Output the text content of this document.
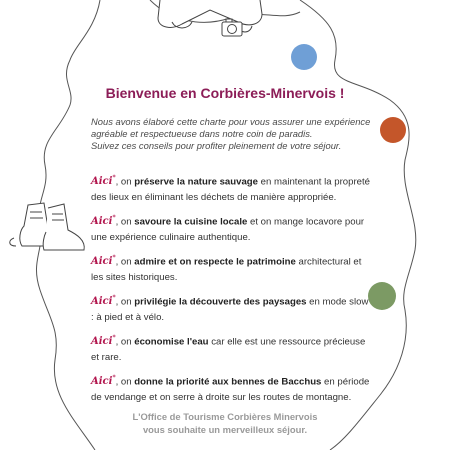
Bienvenue en Corbières-Minervois !

Nous avons élaboré cette charte pour vous assurer une expérience

agréable et respectueuse dans notre coin de paradis.

Suivez ces conseils pour profiter pleinement de votre séjour.

Aici*, on préserve la nature sauvage en maintenant la propreté des lieux en éliminant les déchets de manière appropriée.
Aici*, on savoure la cuisine locale et on mange locavore pour une expérience culinaire authentique.
Aici*, on admire et on respecte le patrimoine architectural et les sites historiques.
Aici*, on privilégie la découverte des paysages en mode slow : à pied et à vélo.
Aici*, on économise l'eau car elle est une ressource précieuse et rare.
Aici*, on donne la priorité aux bennes de Bacchus en période de vendange et on serre à droite sur les routes de montagne.

L'Office de Tourisme Corbières Minervois

vous souhaite un merveilleux séjour.
